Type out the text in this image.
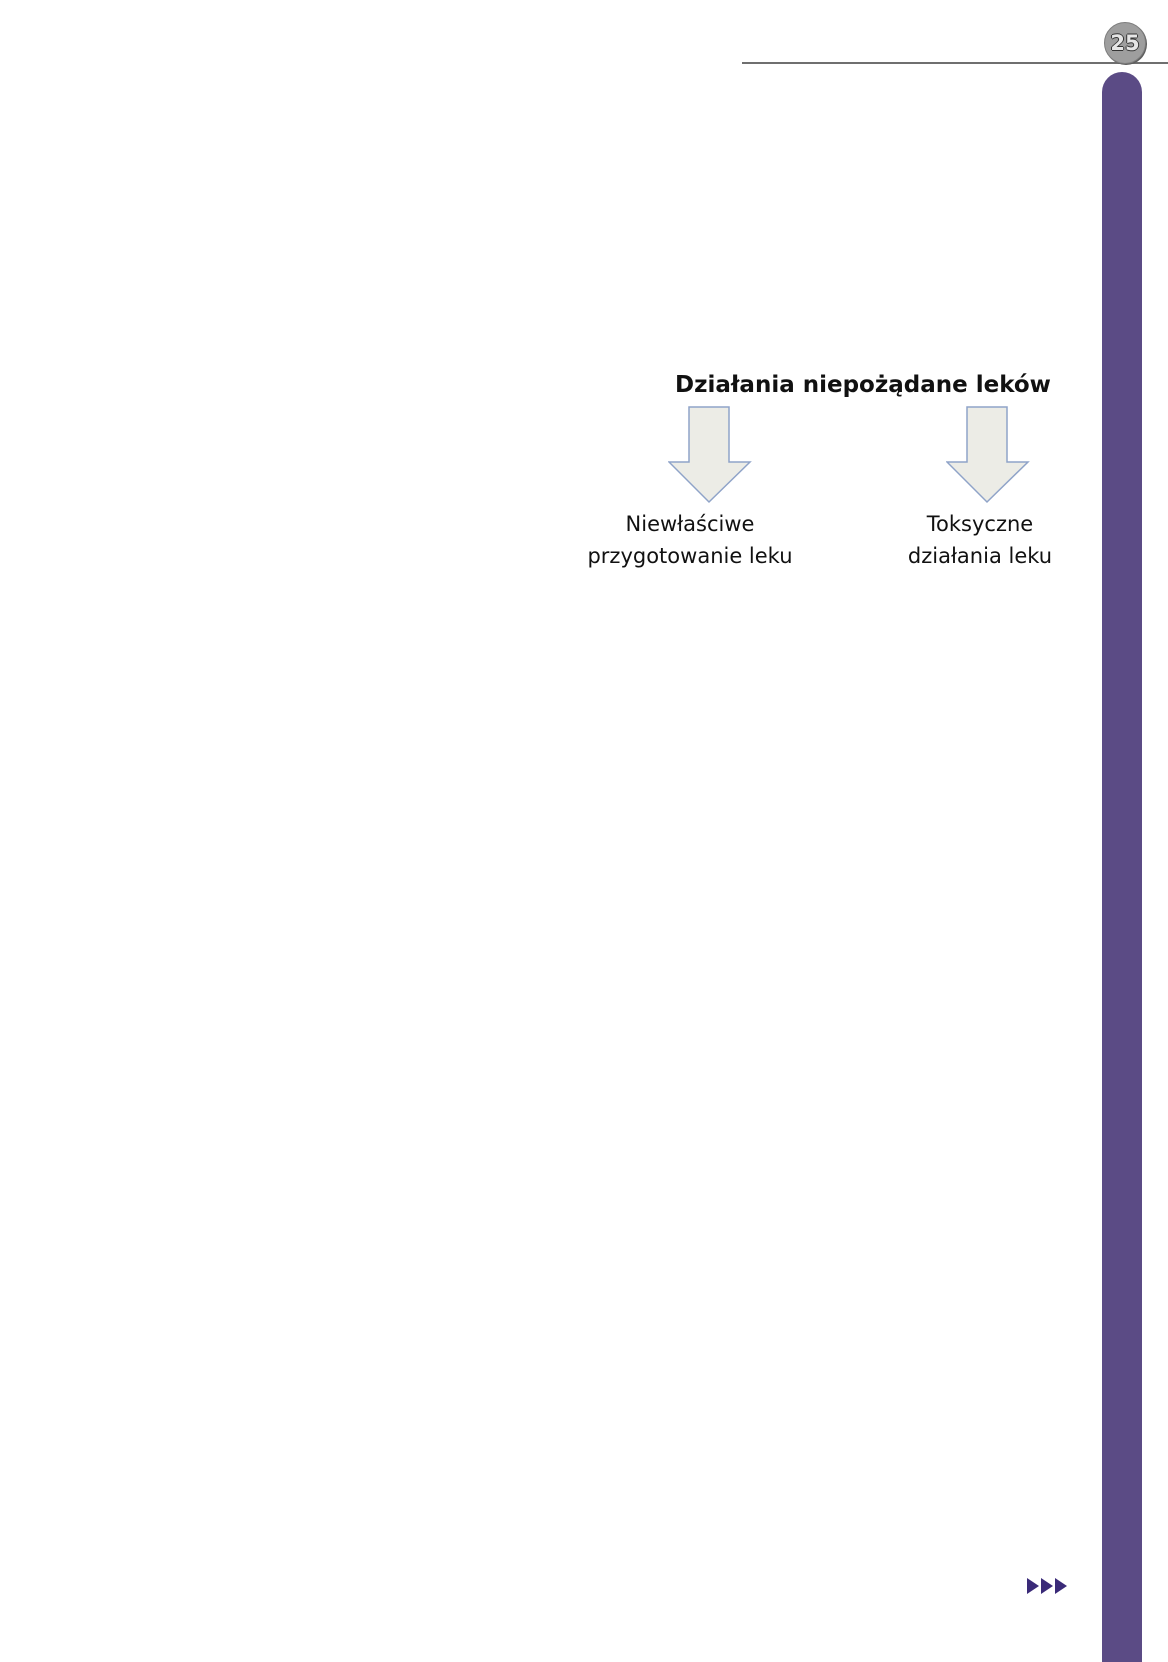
25
Działania niepożądane leków
Niewłaściwe
przygotowanie leku
Toksyczne
działania leku
